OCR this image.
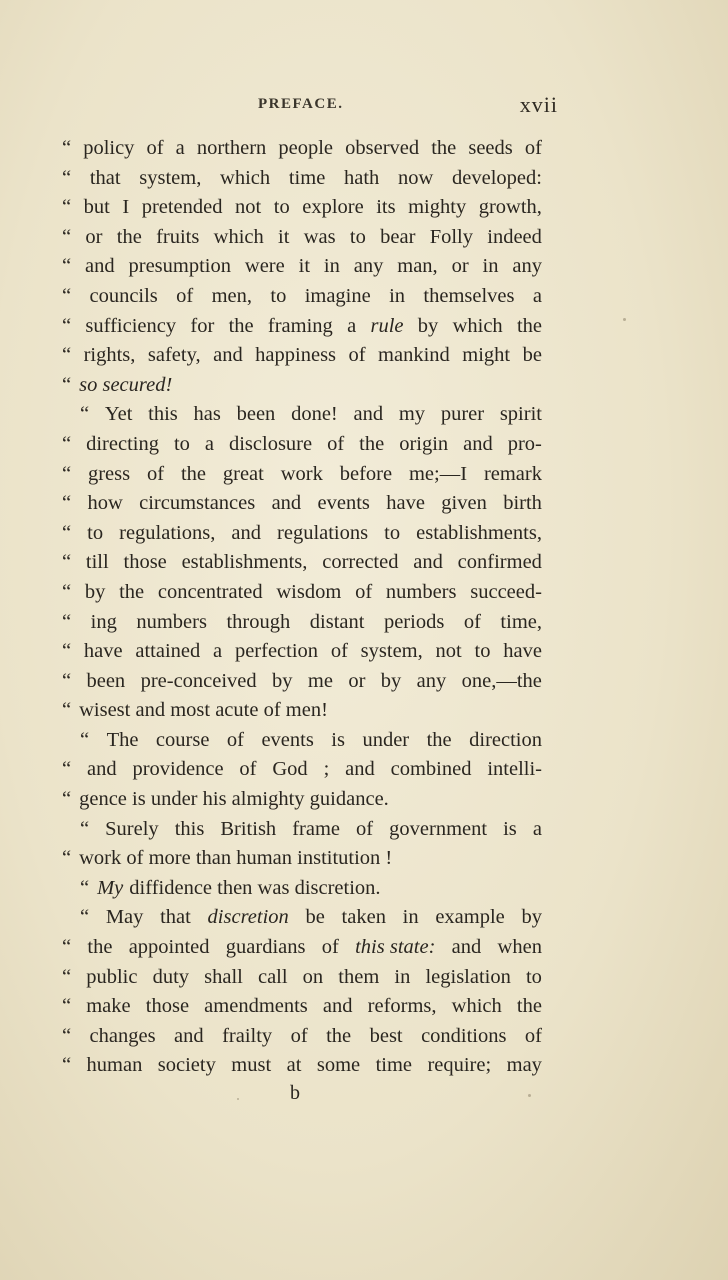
PREFACE.	xvii
“ policy of a northern people observed the seeds of
“ that system, which time hath now developed:
“ but I pretended not to explore its mighty growth,
“ or the fruits which it was to bear Folly indeed
“ and presumption were it in any man, or in any
“ councils of men, to imagine in themselves a
“ sufficiency for the framing a rule by which the
“ rights, safety, and happiness of mankind might be
“ so secured!
“ Yet this has been done! and my purer spirit
“ directing to a disclosure of the origin and pro-
“ gress of the great work before me;—I remark
“ how circumstances and events have given birth
“ to regulations, and regulations to establishments,
“ till those establishments, corrected and confirmed
“ by the concentrated wisdom of numbers succeed-
“ ing numbers through distant periods of time,
“ have attained a perfection of system, not to have
“ been pre-conceived by me or by any one,—the
“ wisest and most acute of men!
“ The course of events is under the direction
“ and providence of God ; and combined intelli-
“ gence is under his almighty guidance.
“ Surely this British frame of government is a
“ work of more than human institution !
“ My diffidence then was discretion.
“ May that discretion be taken in example by
“ the appointed guardians of this state: and when
“ public duty shall call on them in legislation to
“ make those amendments and reforms, which the
“ changes and frailty of the best conditions of
“ human society must at some time require; may
b
